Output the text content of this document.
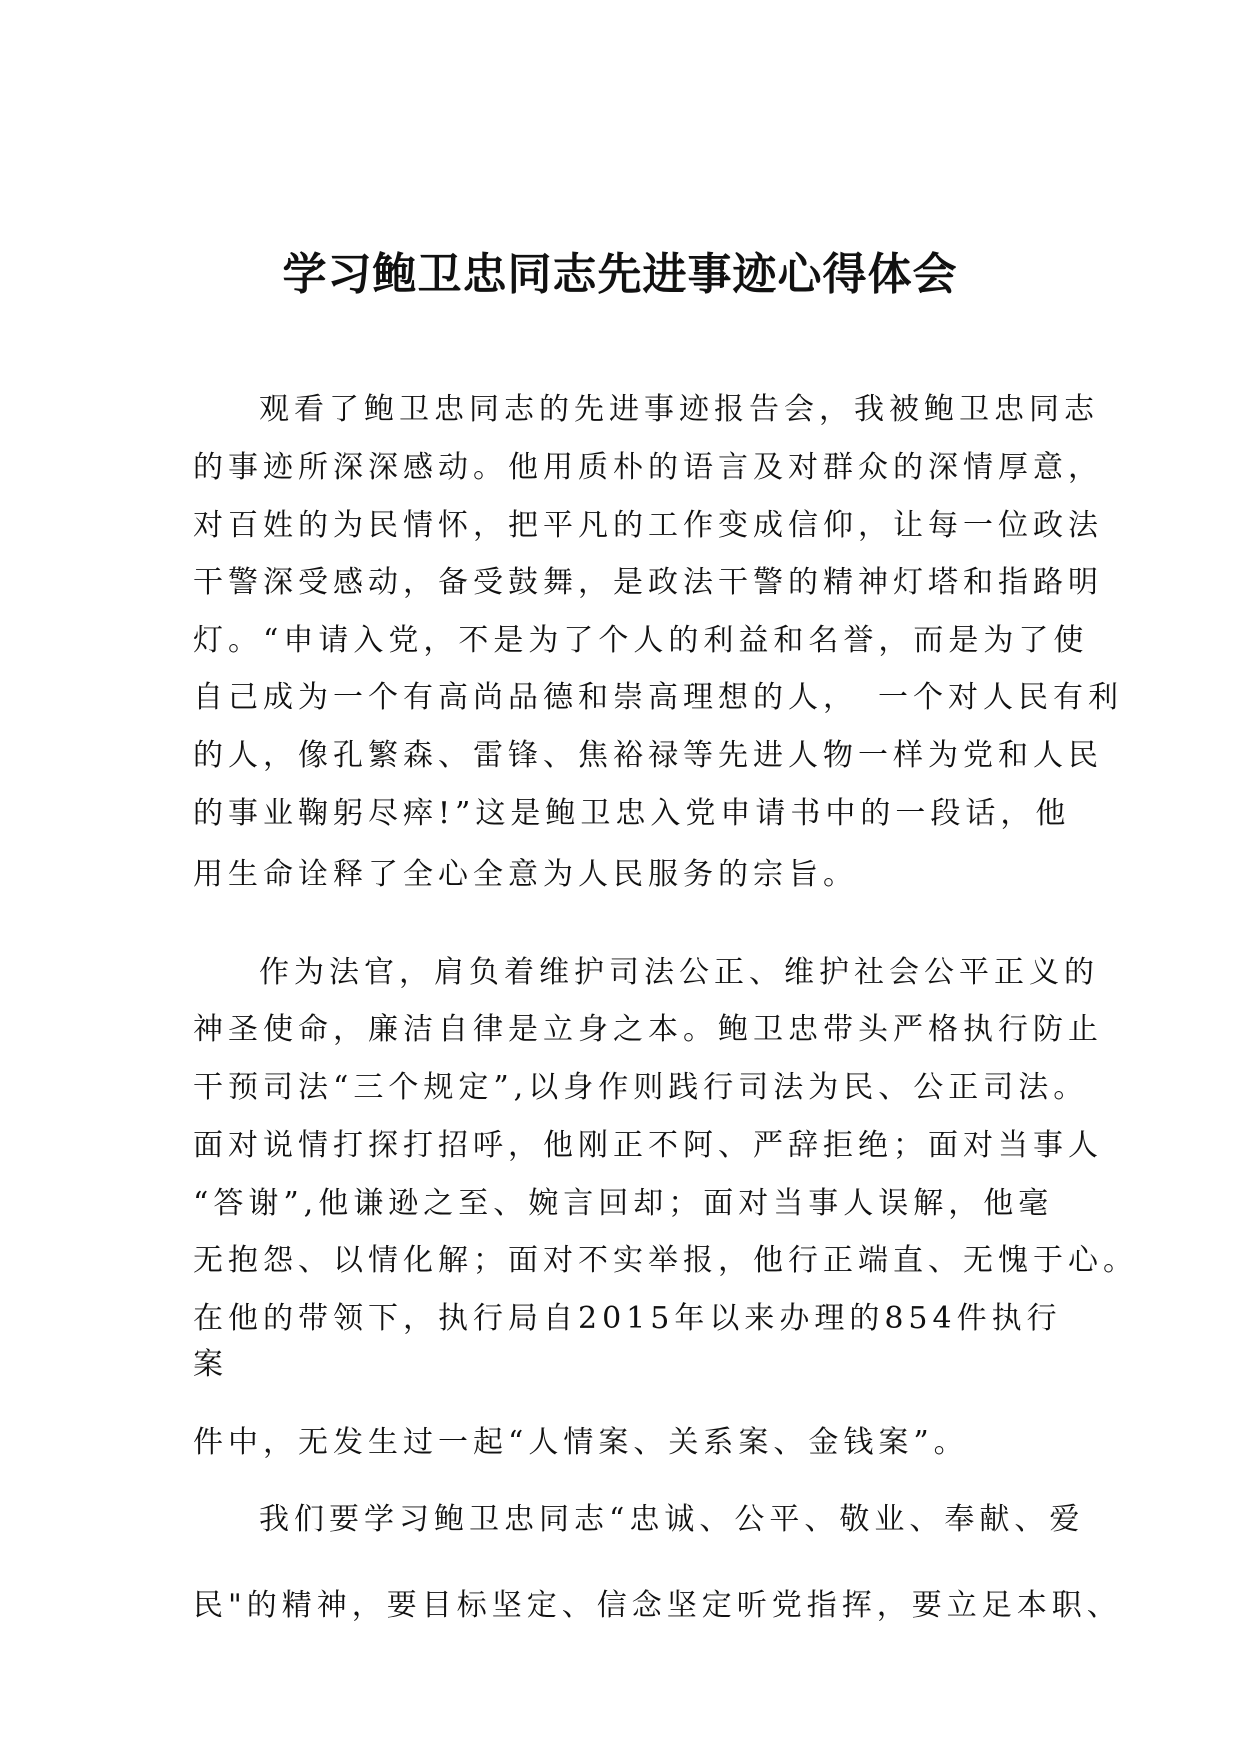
学习鲍卫忠同志先进事迹心得体会
观看了鲍卫忠同志的先进事迹报告会，我被鲍卫忠同志
的事迹所深深感动。他用质朴的语言及对群众的深情厚意，
对百姓的为民情怀，把平凡的工作变成信仰，让每一位政法
干警深受感动，备受鼓舞，是政法干警的精神灯塔和指路明
灯。“申请入党，不是为了个人的利益和名誉，而是为了使
自己成为一个有高尚品德和崇高理想的人，　一个对人民有利
的人，像孔繁森、雷锋、焦裕禄等先进人物一样为党和人民
的事业鞠躬尽瘁!”这是鲍卫忠入党申请书中的一段话，他
用生命诠释了全心全意为人民服务的宗旨。
作为法官，肩负着维护司法公正、维护社会公平正义的
神圣使命，廉洁自律是立身之本。鲍卫忠带头严格执行防止
干预司法“三个规定”,以身作则践行司法为民、公正司法。
面对说情打探打招呼，他刚正不阿、严辞拒绝；面对当事人
“答谢”,他谦逊之至、婉言回却；面对当事人误解，他毫
无抱怨、以情化解；面对不实举报，他行正端直、无愧于心。
在他的带领下，执行局自2015年以来办理的854件执行
案
件中，无发生过一起“人情案、关系案、金钱案”。
我们要学习鲍卫忠同志“忠诚、公平、敬业、奉献、爱
民"的精神，要目标坚定、信念坚定听党指挥，要立足本职、
